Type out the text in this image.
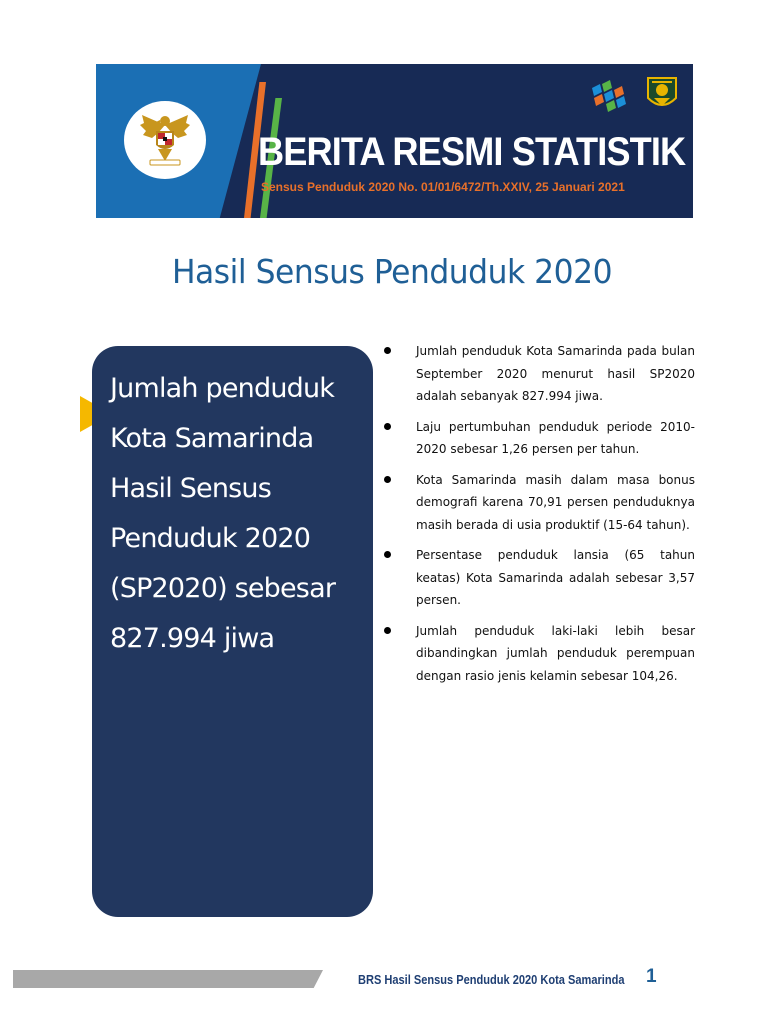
BERITA RESMI STATISTIK
Sensus Penduduk 2020 No. 01/01/6472/Th.XXIV, 25 Januari 2021
Hasil Sensus Penduduk 2020

Jumlah penduduk Kota Samarinda Hasil Sensus Penduduk 2020 (SP2020) sebesar 827.994 jiwa

Jumlah penduduk Kota Samarinda pada bulan September 2020 menurut hasil SP2020 adalah sebanyak 827.994 jiwa.
Laju pertumbuhan penduduk periode 2010-2020 sebesar 1,26 persen per tahun.
Kota Samarinda masih dalam masa bonus demografi karena 70,91 persen penduduknya masih berada di usia produktif (15-64 tahun).
Persentase penduduk lansia (65 tahun keatas) Kota Samarinda adalah sebesar 3,57 persen.
Jumlah penduduk laki-laki lebih besar dibandingkan jumlah penduduk perempuan dengan rasio jenis kelamin sebesar 104,26.
BRS Hasil Sensus Penduduk 2020 Kota Samarinda 1
